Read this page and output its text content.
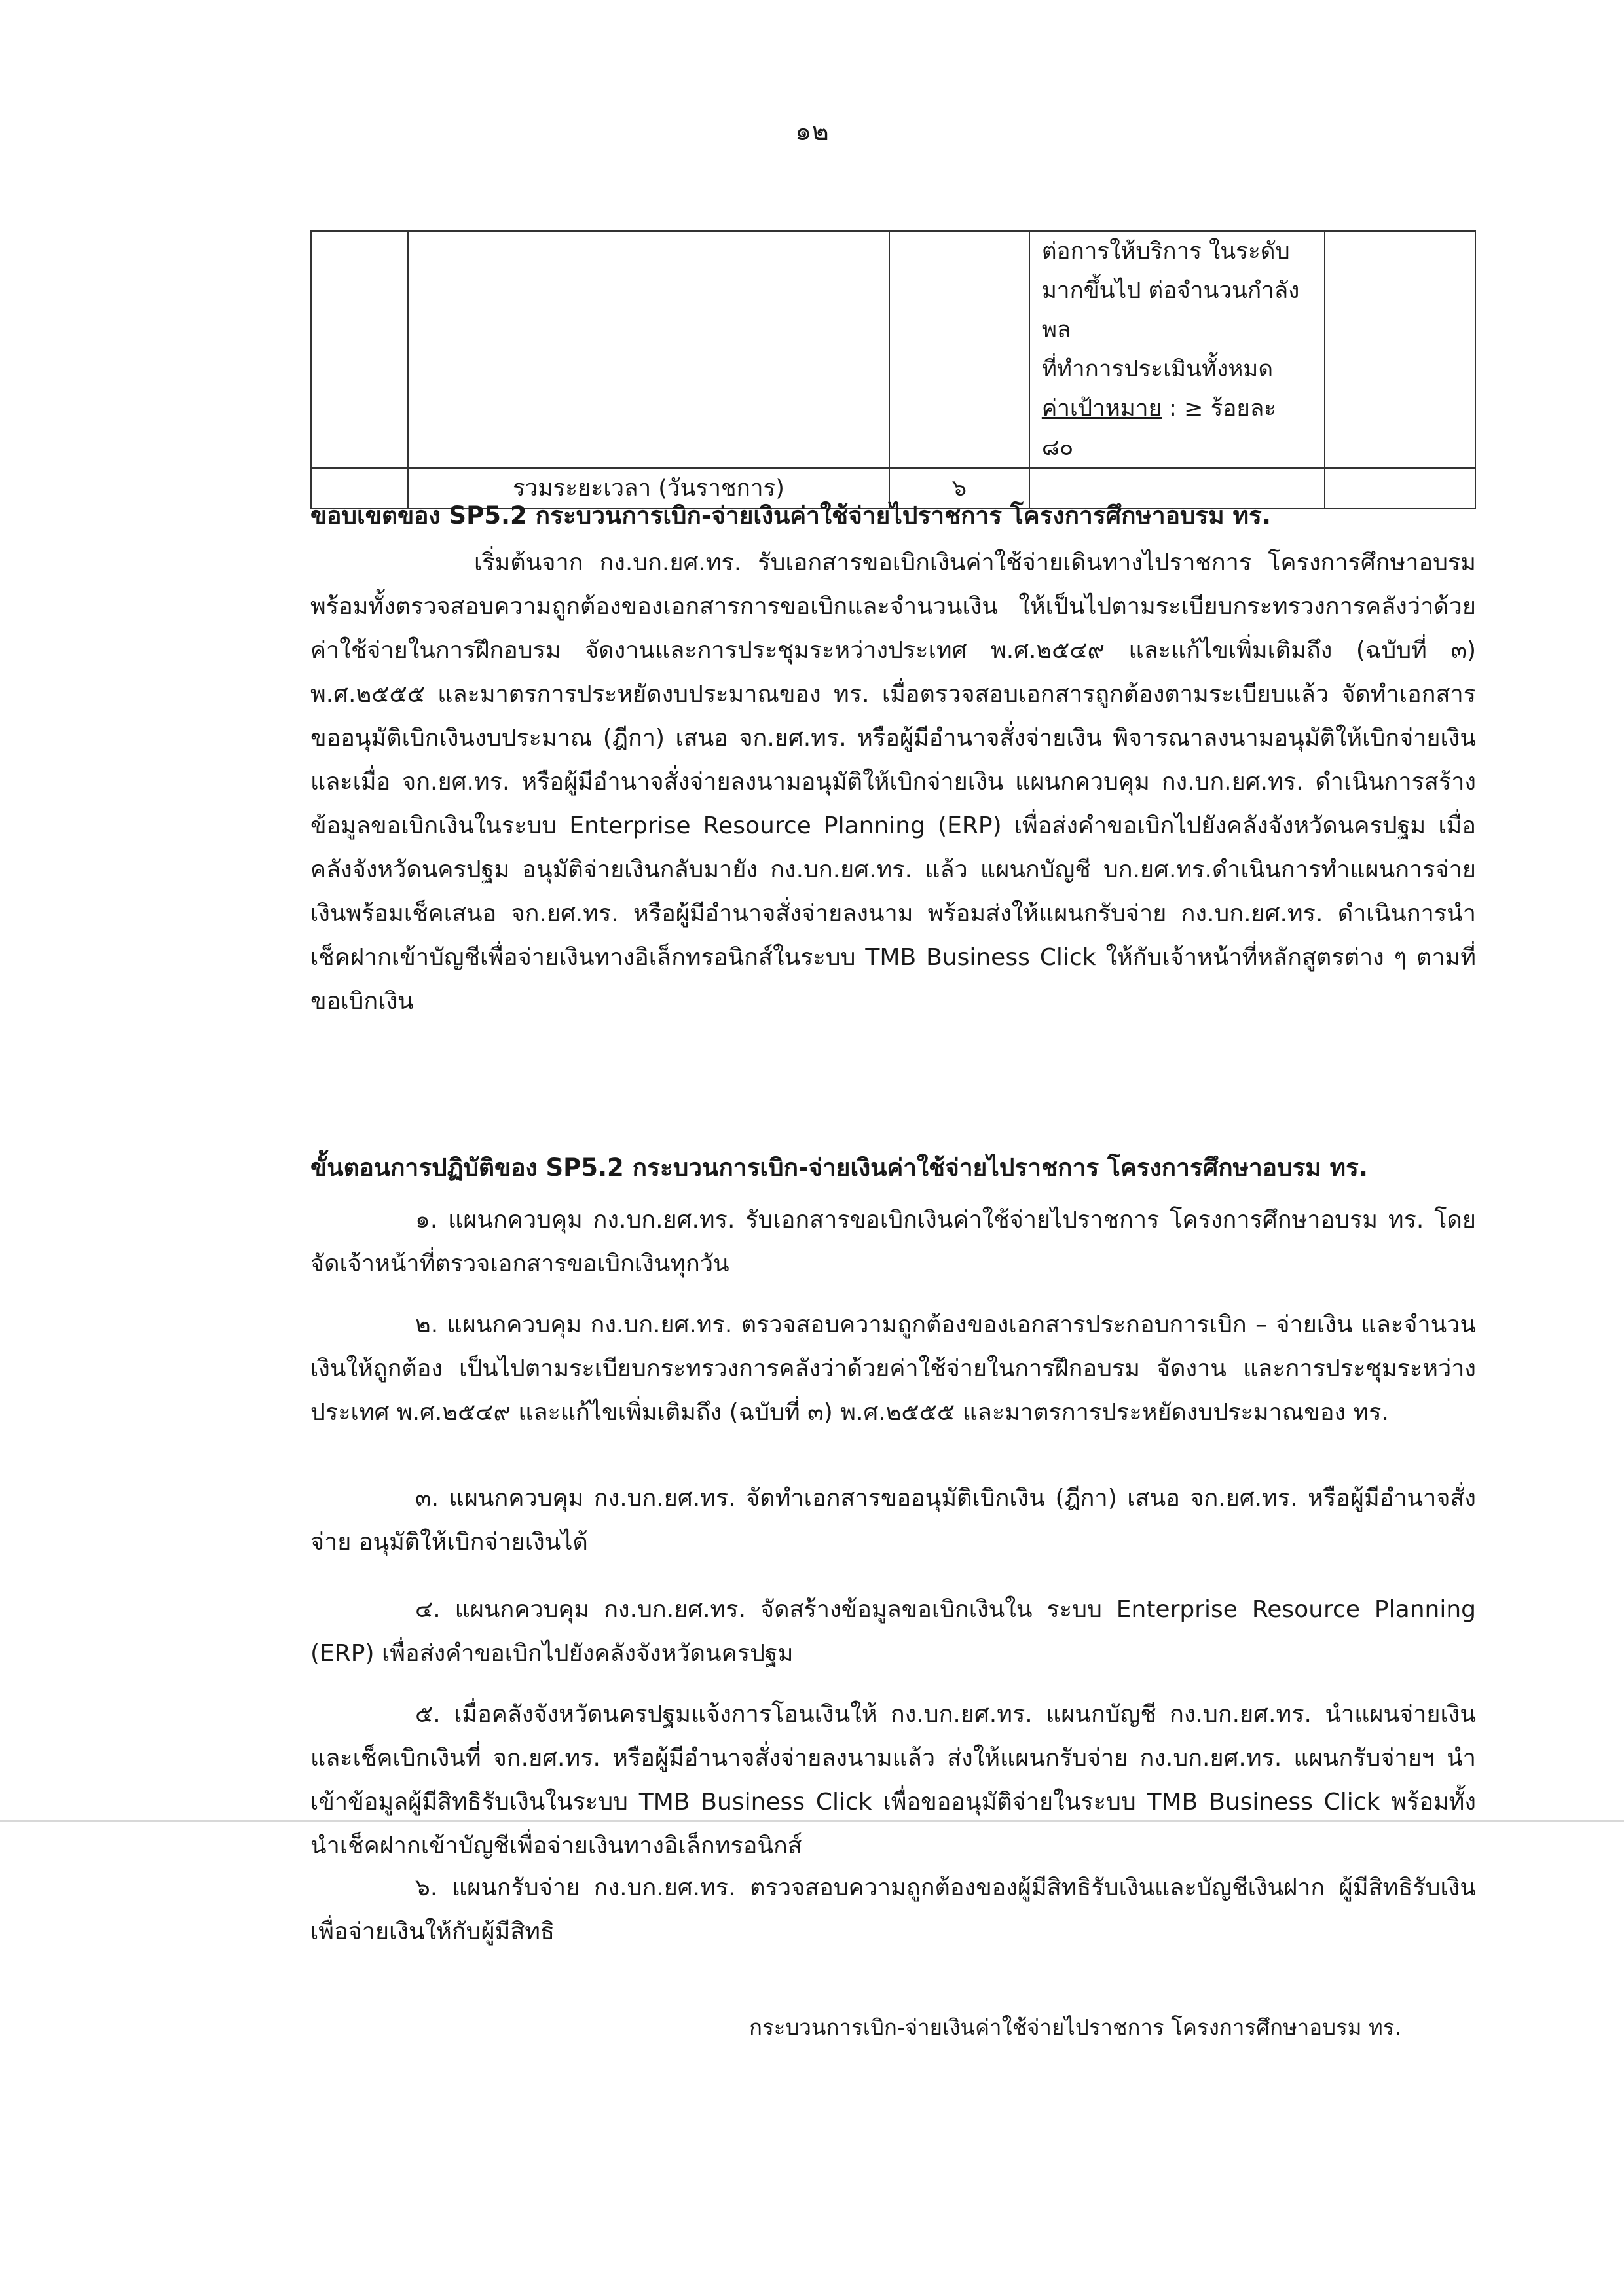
๑๒

			ต่อการให้บริการ ในระดับ
มากขึ้นไป ต่อจำนวนกำลังพล
ที่ทำการประเมินทั้งหมด
ค่าเป้าหมาย : ≥ ร้อยละ ๘๐	

	รวมระยะเวลา (วันราชการ)	๖		
ขอบเขตของ SP5.2 กระบวนการเบิก-จ่ายเงินค่าใช้จ่ายไปราชการ โครงการศึกษาอบรม ทร.
เริ่มต้นจาก กง.บก.ยศ.ทร. รับเอกสารขอเบิกเงินค่าใช้จ่ายเดินทางไปราชการ โครงการศึกษาอบรม พร้อมทั้งตรวจสอบความถูกต้องของเอกสารการขอเบิกและจำนวนเงิน ให้เป็นไปตามระเบียบกระทรวงการคลังว่าด้วยค่าใช้จ่ายในการฝึกอบรม จัดงานและการประชุมระหว่างประเทศ พ.ศ.๒๕๔๙ และแก้ไขเพิ่มเติมถึง (ฉบับที่ ๓) พ.ศ.๒๕๕๕ และมาตรการประหยัดงบประมาณของ ทร. เมื่อตรวจสอบเอกสารถูกต้องตามระเบียบแล้ว จัดทำเอกสารขออนุมัติเบิกเงินงบประมาณ (ฎีกา) เสนอ จก.ยศ.ทร. หรือผู้มีอำนาจสั่งจ่ายเงิน พิจารณาลงนามอนุมัติให้เบิกจ่ายเงิน และเมื่อ จก.ยศ.ทร. หรือผู้มีอำนาจสั่งจ่ายลงนามอนุมัติให้เบิกจ่ายเงิน แผนกควบคุม กง.บก.ยศ.ทร. ดำเนินการสร้างข้อมูลขอเบิกเงินในระบบ Enterprise Resource Planning (ERP) เพื่อส่งคำขอเบิกไปยังคลังจังหวัดนครปฐม เมื่อคลังจังหวัดนครปฐม อนุมัติจ่ายเงินกลับมายัง กง.บก.ยศ.ทร. แล้ว แผนกบัญชี บก.ยศ.ทร.ดำเนินการทำแผนการจ่ายเงินพร้อมเช็คเสนอ จก.ยศ.ทร. หรือผู้มีอำนาจสั่งจ่ายลงนาม พร้อมส่งให้แผนกรับจ่าย กง.บก.ยศ.ทร. ดำเนินการนำเช็คฝากเข้าบัญชีเพื่อจ่ายเงินทางอิเล็กทรอนิกส์ในระบบ TMB Business Click ให้กับเจ้าหน้าที่หลักสูตรต่าง ๆ ตามที่ขอเบิกเงิน
ขั้นตอนการปฏิบัติของ SP5.2 กระบวนการเบิก-จ่ายเงินค่าใช้จ่ายไปราชการ โครงการศึกษาอบรม ทร.
๑. แผนกควบคุม กง.บก.ยศ.ทร. รับเอกสารขอเบิกเงินค่าใช้จ่ายไปราชการ โครงการศึกษาอบรม ทร. โดยจัดเจ้าหน้าที่ตรวจเอกสารขอเบิกเงินทุกวัน
๒. แผนกควบคุม กง.บก.ยศ.ทร. ตรวจสอบความถูกต้องของเอกสารประกอบการเบิก – จ่ายเงิน และจำนวนเงินให้ถูกต้อง เป็นไปตามระเบียบกระทรวงการคลังว่าด้วยค่าใช้จ่ายในการฝึกอบรม จัดงาน และการประชุมระหว่างประเทศ พ.ศ.๒๕๔๙ และแก้ไขเพิ่มเติมถึง (ฉบับที่ ๓) พ.ศ.๒๕๕๕ และมาตรการประหยัดงบประมาณของ ทร.
๓. แผนกควบคุม กง.บก.ยศ.ทร. จัดทำเอกสารขออนุมัติเบิกเงิน (ฎีกา) เสนอ จก.ยศ.ทร. หรือผู้มีอำนาจสั่งจ่าย อนุมัติให้เบิกจ่ายเงินได้
๔. แผนกควบคุม กง.บก.ยศ.ทร. จัดสร้างข้อมูลขอเบิกเงินใน ระบบ Enterprise Resource Planning (ERP) เพื่อส่งคำขอเบิกไปยังคลังจังหวัดนครปฐม
๕. เมื่อคลังจังหวัดนครปฐมแจ้งการโอนเงินให้ กง.บก.ยศ.ทร. แผนกบัญชี กง.บก.ยศ.ทร. นำแผนจ่ายเงินและเช็คเบิกเงินที่ จก.ยศ.ทร. หรือผู้มีอำนาจสั่งจ่ายลงนามแล้ว ส่งให้แผนกรับจ่าย กง.บก.ยศ.ทร. แผนกรับจ่ายฯ นำเข้าข้อมูลผู้มีสิทธิรับเงินในระบบ TMB Business Click เพื่อขออนุมัติจ่ายในระบบ TMB Business Click พร้อมทั้งนำเช็คฝากเข้าบัญชีเพื่อจ่ายเงินทางอิเล็กทรอนิกส์
๖. แผนกรับจ่าย กง.บก.ยศ.ทร. ตรวจสอบความถูกต้องของผู้มีสิทธิรับเงินและบัญชีเงินฝาก ผู้มีสิทธิรับเงินเพื่อจ่ายเงินให้กับผู้มีสิทธิ
กระบวนการเบิก-จ่ายเงินค่าใช้จ่ายไปราชการ โครงการศึกษาอบรม ทร.
